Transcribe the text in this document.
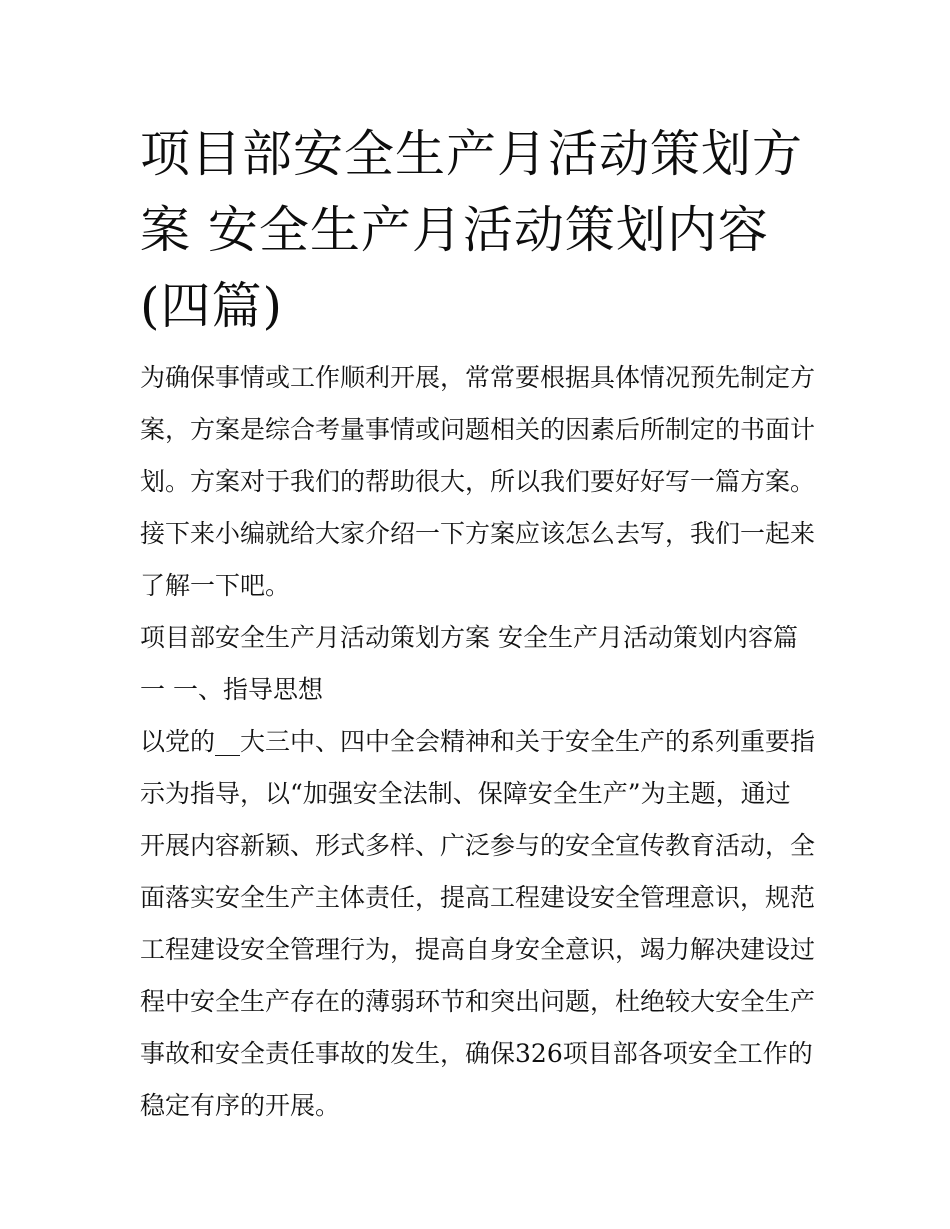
项目部安全生产月活动策划方案 安全生产月活动策划内容(四篇)

为确保事情或工作顺利开展，常常要根据具体情况预先制定方案，方案是综合考量事情或问题相关的因素后所制定的书面计划。方案对于我们的帮助很大，所以我们要好好写一篇方案。接下来小编就给大家介绍一下方案应该怎么去写，我们一起来了解一下吧。

项目部安全生产月活动策划方案 安全生产月活动策划内容篇一 一、指导思想

以党的__大三中、四中全会精神和关于安全生产的系列重要指示为指导，以“加强安全法制、保障安全生产”为主题，通过开展内容新颖、形式多样、广泛参与的安全宣传教育活动，全面落实安全生产主体责任，提高工程建设安全管理意识，规范工程建设安全管理行为，提高自身安全意识，竭力解决建设过程中安全生产存在的薄弱环节和突出问题，杜绝较大安全生产事故和安全责任事故的发生，确保326项目部各项安全工作的稳定有序的开展。
